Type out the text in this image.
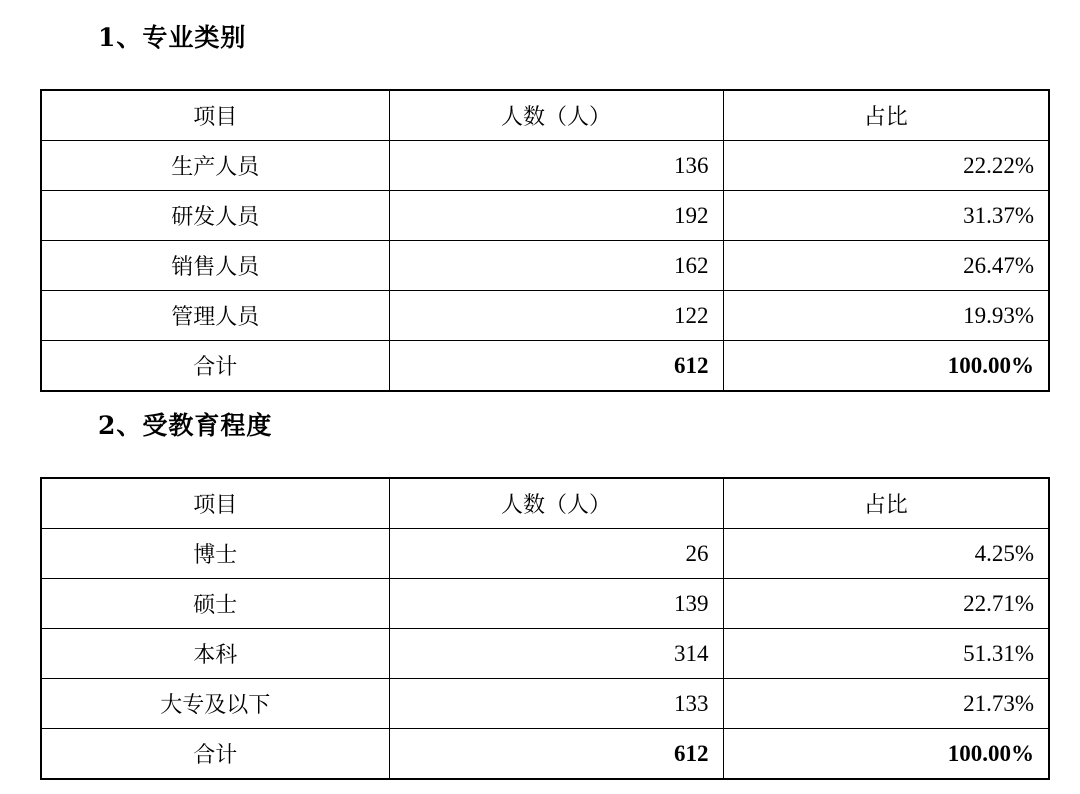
1、专业类别
项目	人数（人）	占比
生产人员	136	22.22%
研发人员	192	31.37%
销售人员	162	26.47%
管理人员	122	19.93%
合计	612	100.00%
2、受教育程度
项目	人数（人）	占比
博士	26	4.25%
硕士	139	22.71%
本科	314	51.31%
大专及以下	133	21.73%
合计	612	100.00%
